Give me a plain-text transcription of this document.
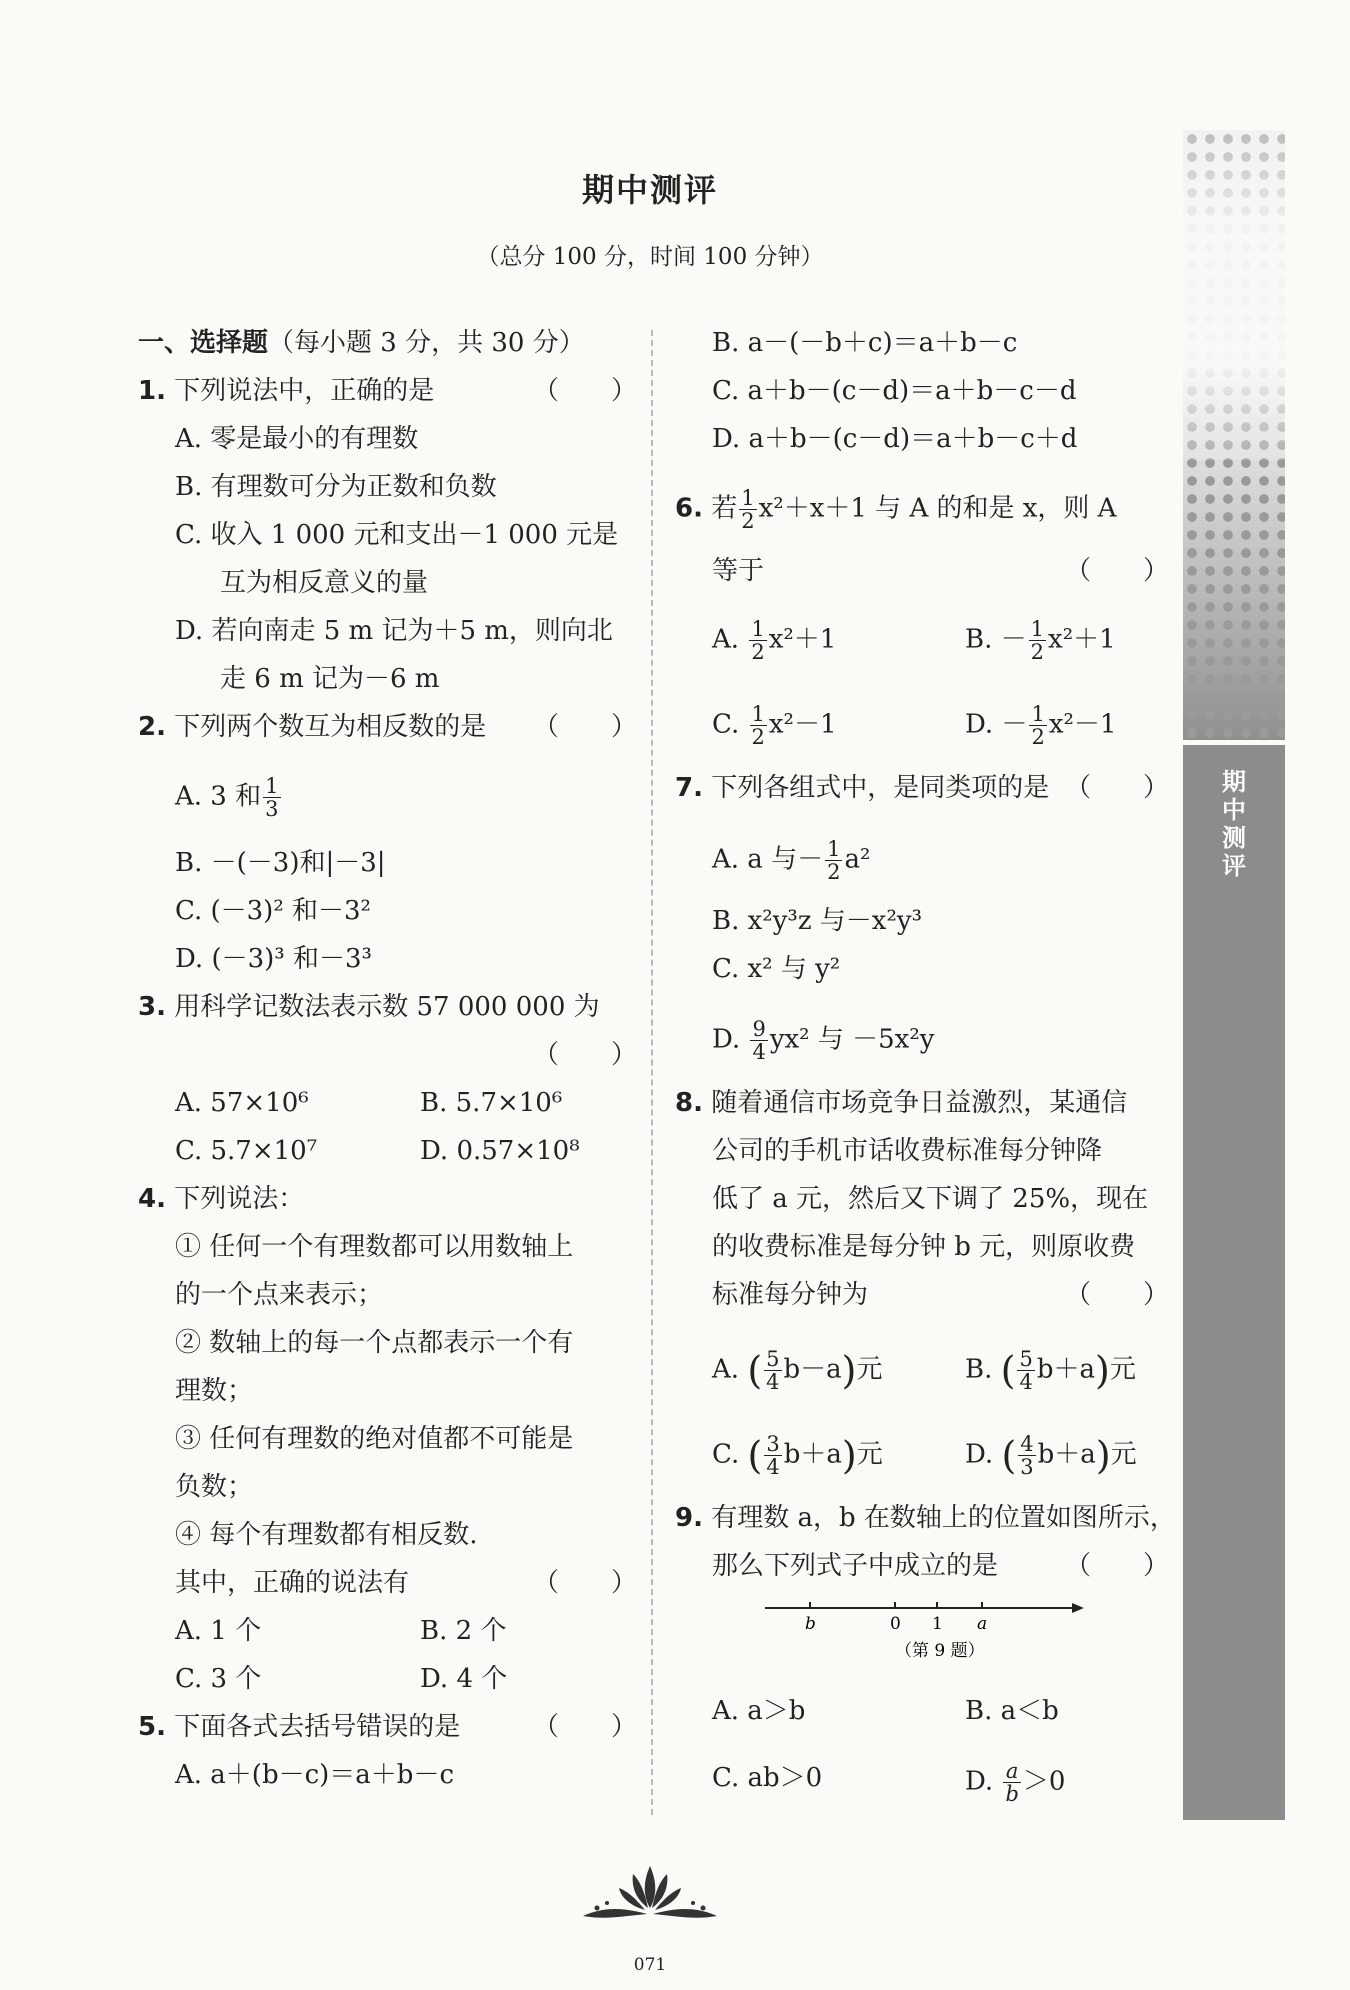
期中测评
（总分 100 分，时间 100 分钟）
一、选择题（每小题 3 分，共 30 分）
1. 下列说法中，正确的是	（　　）
A. 零是最小的有理数
B. 有理数可分为正数和负数
C. 收入 1 000 元和支出－1 000 元是
互为相反意义的量
D. 若向南走 5 m 记为＋5 m，则向北
走 6 m 记为－6 m
2. 下列两个数互为相反数的是 （　　）
A. 3 和 $\frac{1}{3}$
B. －(－3)和|－3|
C. (－3)² 和－3²
D. (－3)³ 和－3³
3. 用科学记数法表示数 57 000 000 为
（　　）
A. 57×10⁶	B. 5.7×10⁶
C. 5.7×10⁷	D. 0.57×10⁸
4. 下列说法：
① 任何一个有理数都可以用数轴上
的一个点来表示；
② 数轴上的每一个点都表示一个有
理数；
③ 任何有理数的绝对值都不可能是
负数；
④ 每个有理数都有相反数.
其中，正确的说法有	（　　）
A. 1 个	B. 2 个
C. 3 个	D. 4 个
5. 下面各式去括号错误的是	（　　）
A. a＋(b－c)＝a＋b－c
B. a－(－b＋c)＝a＋b－c
C. a＋b－(c－d)＝a＋b－c－d
D. a＋b－(c－d)＝a＋b－c＋d
6. 若 $\frac{1}{2} x^2+x+1$ 与 A 的和是 x，则 A
等于	（　　）
A. $\frac{1}{2} x^2+1$	B. － $\frac{1}{2} x^2+1$
C. $\frac{1}{2} x^2-1$	D. － $\frac{1}{2} x^2-1$
7. 下列各组式中，是同类项的是 （　　）
A. a 与－ $\frac{1}{2} a^2$
B. x²y³z 与－x²y³
C. x² 与 y²
D. $\frac{9}{4} yx^2$ 与 －5x²y
8. 随着通信市场竞争日益激烈，某通信
公司的手机市话收费标准每分钟降
低了 a 元，然后又下调了 25%，现在
的收费标准是每分钟 b 元，则原收费
标准每分钟为	（　　）
A. ( $\frac{5}{4} b-a$)元	B. ( $\frac{5}{4} b+a$)元
C. ( $\frac{3}{4} b+a$)元	D. ( $\frac{4}{3} b+a$)元
9. 有理数 a，b 在数轴上的位置如图所示，
那么下列式子中成立的是	（　　）
b	0 1 a
（第 9 题）
A. a＞b	B. a＜b
C. ab＞0	D. $\frac{a}{b} >0$
期中测评
071
